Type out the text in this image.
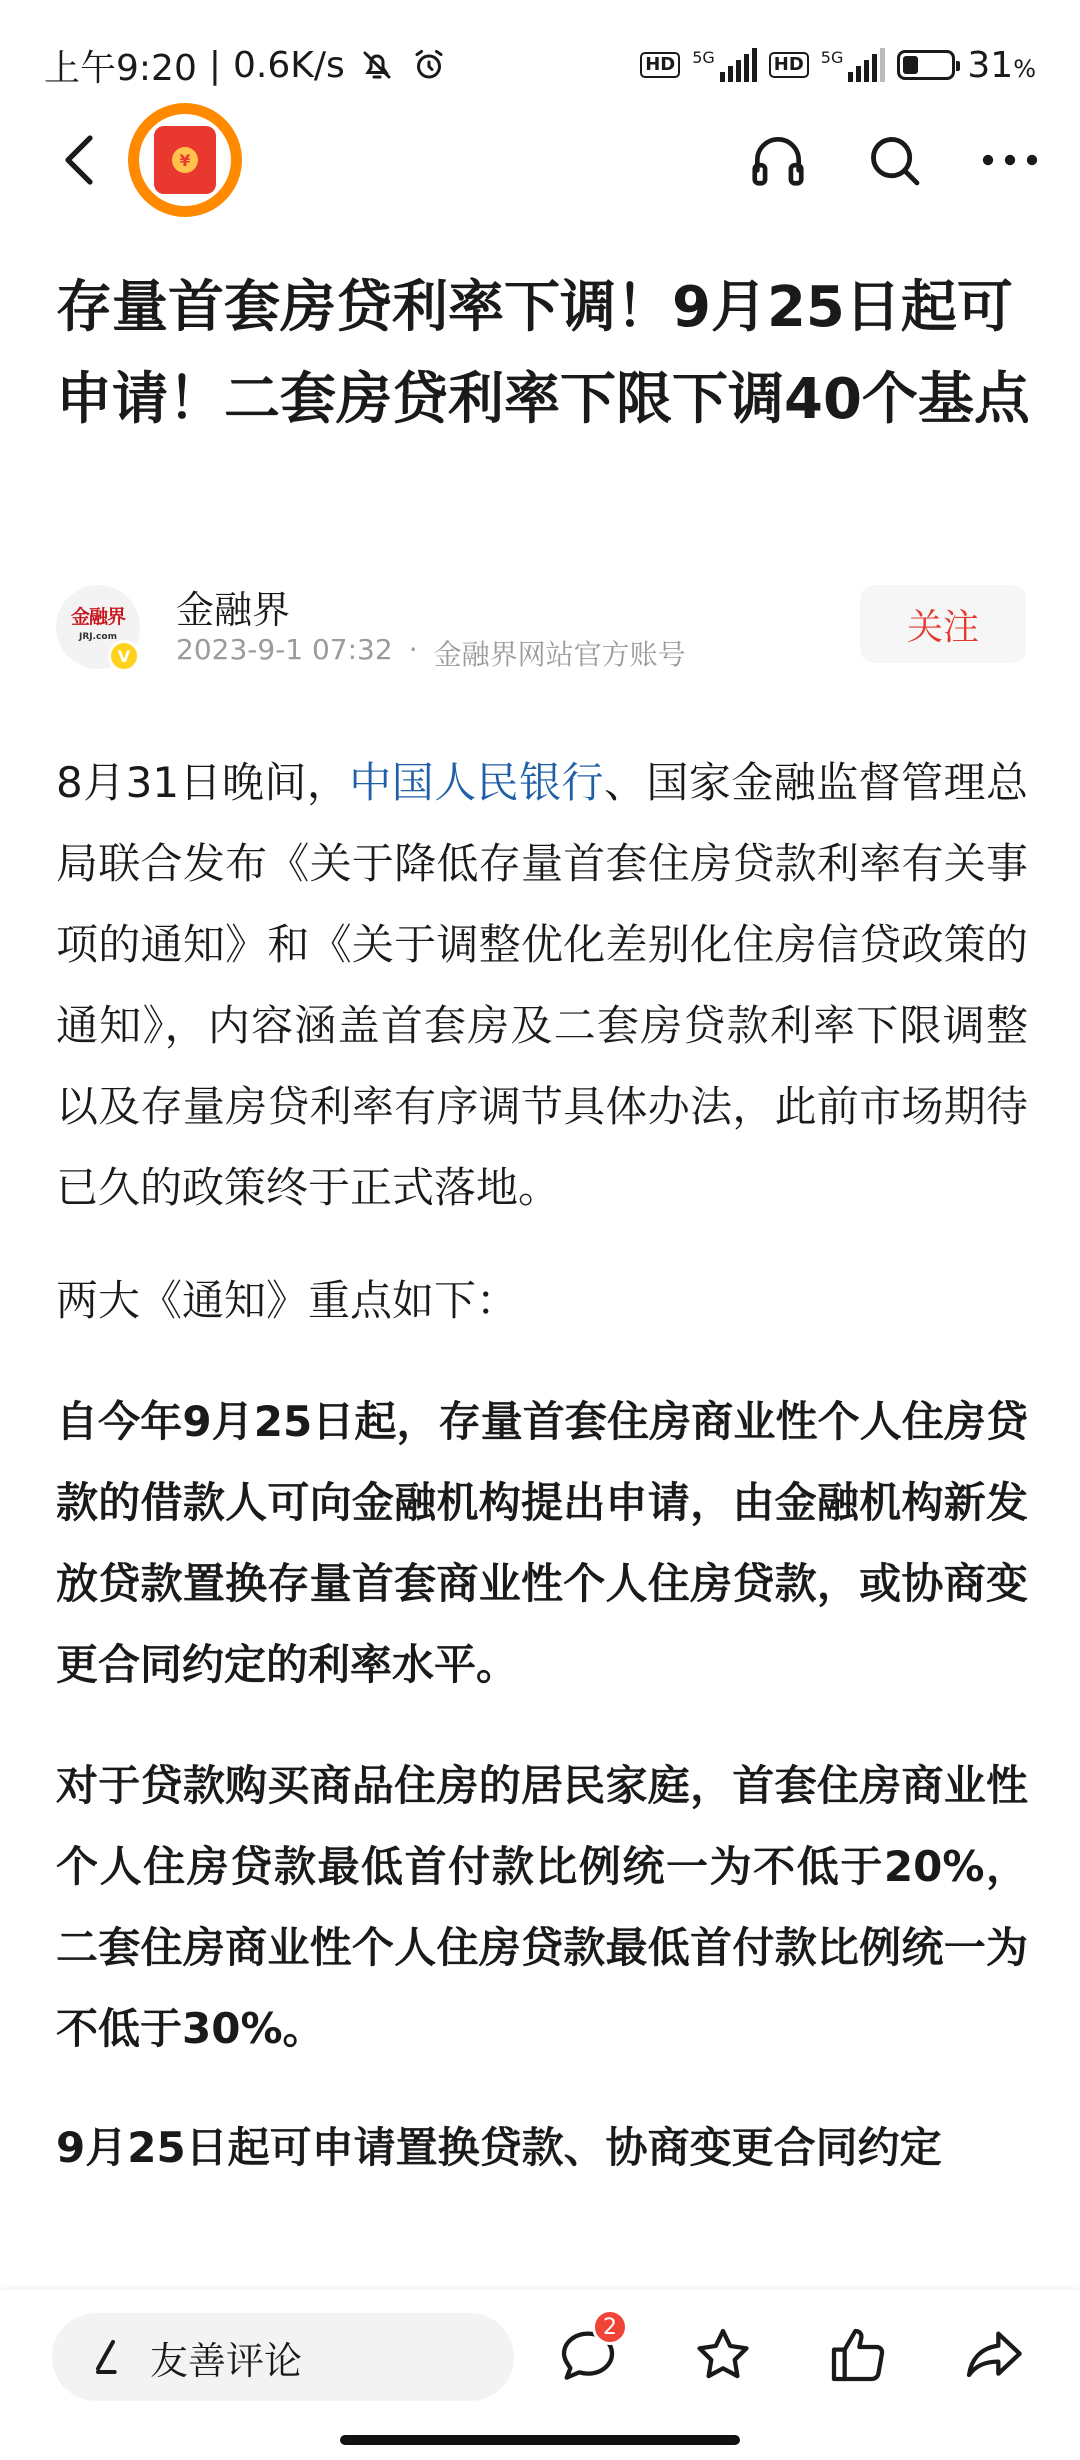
上午9:20 | 0.6K/s	HD	5G	HD	5G	31%
¥
存量首套房贷利率下调！9月25日起可申请！二套房贷利率下限下调40个基点
金融界
JRJ.com
V
金融界
2023-9-1 07:32 · 金融界网站官方账号
关注

8月31日晚间，中国人民银行、国家金融监督管理总局联合发布《关于降低存量首套住房贷款利率有关事项的通知》和《关于调整优化差别化住房信贷政策的通知》，内容涵盖首套房及二套房贷款利率下限调整以及存量房贷利率有序调节具体办法，此前市场期待已久的政策终于正式落地。

两大《通知》重点如下：

自今年9月25日起，存量首套住房商业性个人住房贷款的借款人可向金融机构提出申请，由金融机构新发放贷款置换存量首套商业性个人住房贷款，或协商变更合同约定的利率水平。

对于贷款购买商品住房的居民家庭，首套住房商业性个人住房贷款最低首付款比例统一为不低于20%，二套住房商业性个人住房贷款最低首付款比例统一为不低于30%。

9月25日起可申请置换贷款、协商变更合同约定

友善评论
2
